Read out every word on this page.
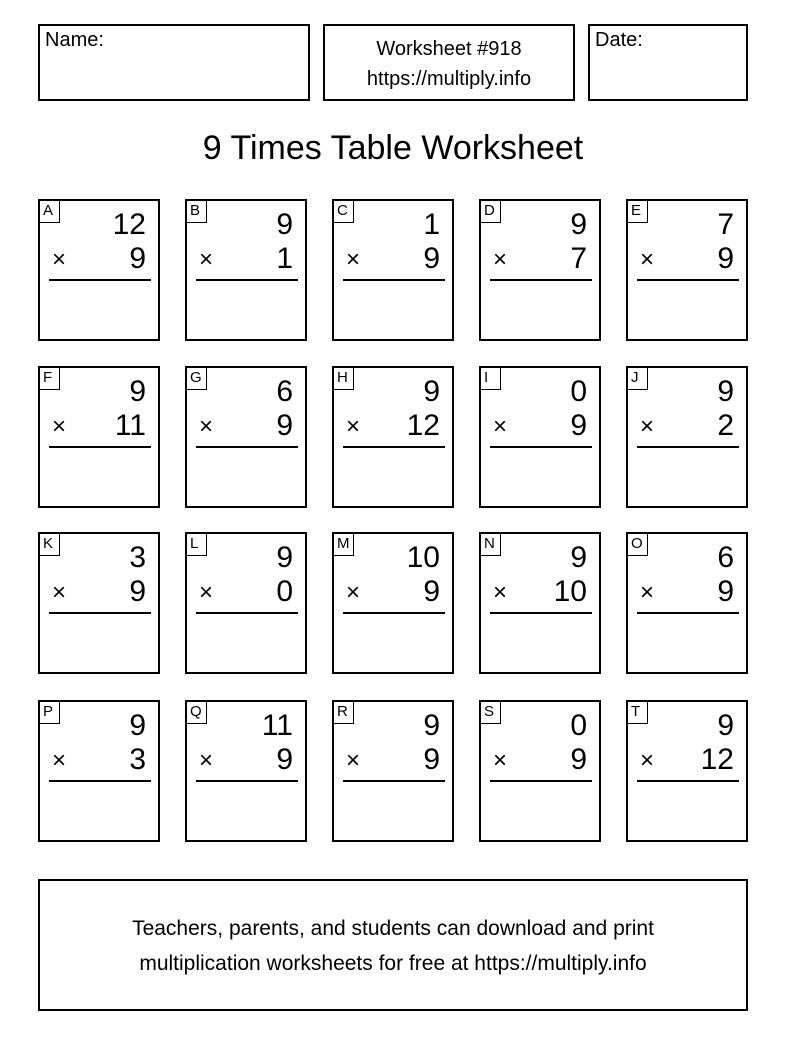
Name:	Worksheet #918
https://multiply.info
Date:
9 Times Table Worksheet
A 12
× 9
B	9
× 1
C	1
× 9
D	9
× 7
E	7
× 9
F	9
× 11
G 6
× 9
H	9
× 12
I	0
× 9
J	9
× 2
K	3
× 9
L	9
× 0
M 10
× 9
N	9
× 10
O 6
× 9
P	9
× 3
Q 11
× 9
R	9
× 9
S	0
× 9
T	9
× 12
Teachers, parents, and students can download and print
multiplication worksheets for free at https://multiply.info
